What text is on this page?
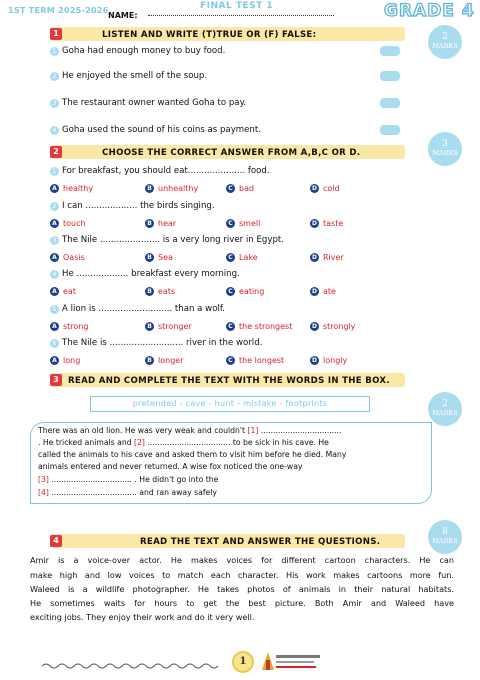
1ST TERM 2025-2026
NAME:
FINAL TEST 1	GRADE 4
1	LISTEN AND WRITE (T)TRUE OR (F) FALSE:	2
MARKS
1 Goha had enough money to buy food.
2 He enjoyed the smell of the soup.
3 The restaurant owner wanted Goha to pay.
4 Goha used the sound of his coins as payment.
2	CHOOSE THE CORRECT ANSWER FROM A,B,C OR D.
3
MARKS
1 For breakfast, you should eat..................... food.
A healthy	B unhealthy	C bad	D cold
2 I can ................... the birds singing.
A touch	B hear	C smell	D taste
3 The Nile ...................... is a very long river in Egypt.
A Oasis	B Sea	C Lake	D River
4 He ................... breakfast every morning.
A eat	B eats	C eating	D ate
5 A lion is ........................... than a wolf.
A strong	B stronger	C the strongest	D strongly
6 The Nile is ........................... river in the world.
A long	B longer	C the longest	D longly
3	READ AND COMPLETE THE TEXT WITH THE WORDS IN THE BOX.
2
MARKS
pretended - cave - hunt - mistake - footprints
There was an old lion. He was very weak and couldn't [1] .................................
. He tricked animals and [2] .................................. to be sick in his cave. He
called the animals to his cave and asked them to visit him before he died. Many
animals entered and never returned. A wise fox noticed the one-way
[3] ................................. . He didn't go into the
[4] ................................... and ran away safely
4	READ THE TEXT AND ANSWER THE QUESTIONS.
8
MARKS
Amir is a voice-over actor. He makes voices for different cartoon characters. He can
make high and low voices to match each character. His work makes cartoons more fun.
Waleed is a wildlife photographer. He takes photos of animals in their natural habitats.
He sometimes waits for hours to get the best picture. Both Amir and Waleed have
exciting jobs. They enjoy their work and do it very well.
1
